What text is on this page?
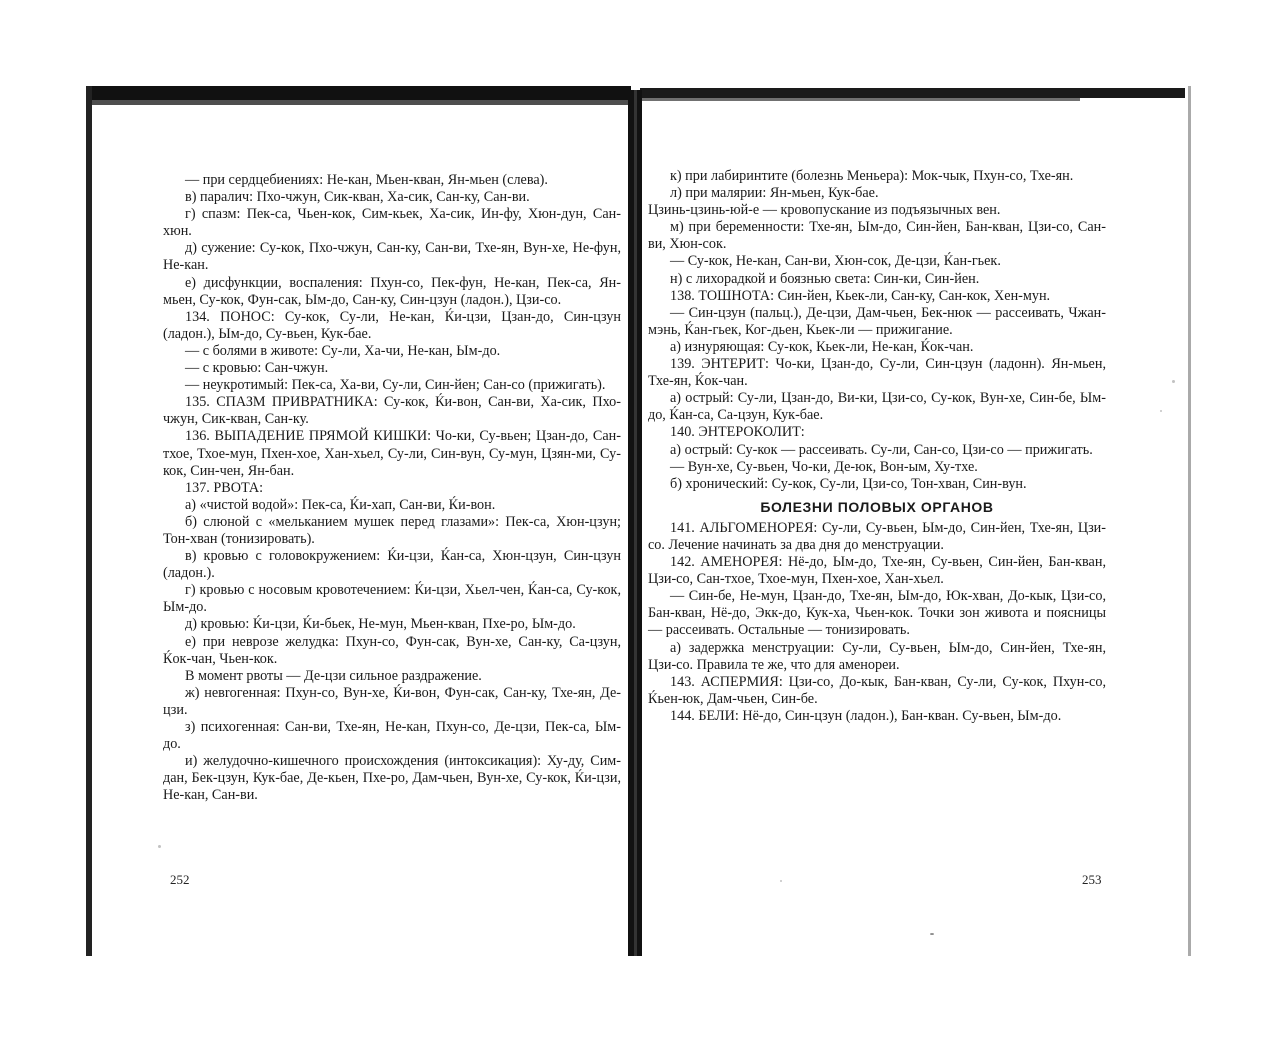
— при сердцебиениях: Не-кан, Мьен-кван, Ян-мьен (слева).

в) паралич: Пхо-чжун, Сик-кван, Ха-сик, Сан-ку, Сан-ви.

г) спазм: Пек-са, Чьен-кок, Сим-кьек, Ха-сик, Ин-фу, Хюн-дун, Сан-хюн.

д) сужение: Су-кок, Пхо-чжун, Сан-ку, Сан-ви, Тхе-ян, Вун-хе, Не-фун, Не-кан.

е) дисфункции, воспаления: Пхун-со, Пек-фун, Не-кан, Пек-са, Ян-мьен, Су-кок, Фун-сак, Ым-до, Сан-ку, Син-цзун (ладон.), Цзи-со.

134. ПОНОС: Су-кок, Су-ли, Не-кан, Ќи-цзи, Цзан-до, Син-цзун (ладон.), Ым-до, Су-вьен, Кук-бае.

— с болями в животе: Су-ли, Ха-чи, Не-кан, Ым-до.

— с кровью: Сан-чжун.

— неукротимый: Пек-са, Ха-ви, Су-ли, Син-йен; Сан-со (прижигать).

135. СПАЗМ ПРИВРАТНИКА: Су-кок, Ќи-вон, Сан-ви, Ха-сик, Пхо-чжун, Сик-кван, Сан-ку.

136. ВЫПАДЕНИЕ ПРЯМОЙ КИШКИ: Чо-ки, Су-вьен; Цзан-до, Сан-тхое, Тхое-мун, Пхен-хое, Хан-хьел, Су-ли, Син-вун, Су-мун, Цзян-ми, Су-кок, Син-чен, Ян-бан.

137. РВОТА:

а) «чистой водой»: Пек-са, Ќи-хап, Сан-ви, Ќи-вон.

б) слюной с «мельканием мушек перед глазами»: Пек-са, Хюн-цзун; Тон-хван (тонизировать).

в) кровью с головокружением: Ќи-цзи, Ќан-са, Хюн-цзун, Син-цзун (ладон.).

г) кровью с носовым кровотечением: Ќи-цзи, Хьел-чен, Ќан-са, Су-кок, Ым-до.

д) кровью: Ќи-цзи, Ќи-бьек, Не-мун, Мьен-кван, Пхе-ро, Ым-до.

е) при неврозе желудка: Пхун-со, Фун-сак, Вун-хе, Сан-ку, Са-цзун, Ќок-чан, Чьен-кок.

В момент рвоты — Де-цзи сильное раздражение.

ж) невrогенная: Пхун-со, Вун-хе, Ќи-вон, Фун-сак, Сан-ку, Тхе-ян, Де-цзи.

з) психогенная: Сан-ви, Тхе-ян, Не-кан, Пхун-со, Де-цзи, Пек-са, Ым-до.

и) желудочно-кишечного происхождения (интоксикация): Ху-ду, Сим-дан, Бек-цзун, Кук-бае, Де-кьен, Пхе-ро, Дам-чьен, Вун-хе, Су-кок, Ќи-цзи, Не-кан, Сан-ви.

252

к) при лабиринтите (болезнь Меньера): Мок-чык, Пхун-со, Тхе-ян.

л) при малярии: Ян-мьен, Кук-бае.

Цзинь-цзинь-юй-е — кровопускание из подъязычных вен.

м) при беременности: Тхе-ян, Ым-до, Син-йен, Бан-кван, Цзи-со, Сан-ви, Хюн-сок.

— Су-кок, Не-кан, Сан-ви, Хюн-сок, Де-цзи, Ќан-гьек.

н) с лихорадкой и боязнью света: Син-ки, Син-йен.

138. ТОШНОТА: Син-йен, Кьек-ли, Сан-ку, Сан-кок, Хен-мун.

— Син-цзун (пальц.), Де-цзи, Дам-чьен, Бек-нюк — рассеивать, Чжан-мэнь, Ќан-гьек, Ког-дьен, Кьек-ли — прижигание.

а) изнуряющая: Су-кок, Кьек-ли, Не-кан, Ќок-чан.

139. ЭНТЕРИТ: Чо-ки, Цзан-до, Су-ли, Син-цзун (ладонн). Ян-мьен, Тхе-ян, Ќок-чан.

а) острый: Су-ли, Цзан-до, Ви-ки, Цзи-со, Су-кок, Вун-хе, Син-бе, Ым-до, Ќан-са, Са-цзун, Кук-бае.

140. ЭНТЕРОКОЛИТ:

а) острый: Су-кок — рассеивать. Су-ли, Сан-со, Цзи-со — прижигать.

— Вун-хе, Су-вьен, Чо-ки, Де-юк, Вон-ым, Ху-тхе.

б) хронический: Су-кок, Су-ли, Цзи-со, Тон-хван, Син-вун.

БОЛЕЗНИ ПОЛОВЫХ ОРГАНОВ

141. АЛЬГОМЕНОРЕЯ: Су-ли, Су-вьен, Ым-до, Син-йен, Тхе-ян, Цзи-со. Лечение начинать за два дня до менструации.

142. АМЕНОРЕЯ: Нё-до, Ым-до, Тхе-ян, Су-вьен, Син-йен, Бан-кван, Цзи-со, Сан-тхое, Тхое-мун, Пхен-хое, Хан-хьел.

— Син-бе, Не-мун, Цзан-до, Тхе-ян, Ым-до, Юк-хван, До-кык, Цзи-со, Бан-кван, Нё-до, Экк-до, Кук-ха, Чьен-кок. Точки зон живота и поясницы — рассеивать. Остальные — тонизировать.

а) задержка менструации: Су-ли, Су-вьен, Ым-до, Син-йен, Тхе-ян, Цзи-со. Правила те же, что для аменореи.

143. АСПЕРМИЯ: Цзи-со, До-кык, Бан-кван, Су-ли, Су-кок, Пхун-со, Ќьен-юк, Дам-чьен, Син-бе.

144. БЕЛИ: Нё-до, Син-цзун (ладон.), Бан-кван. Су-вьен, Ым-до.

253
